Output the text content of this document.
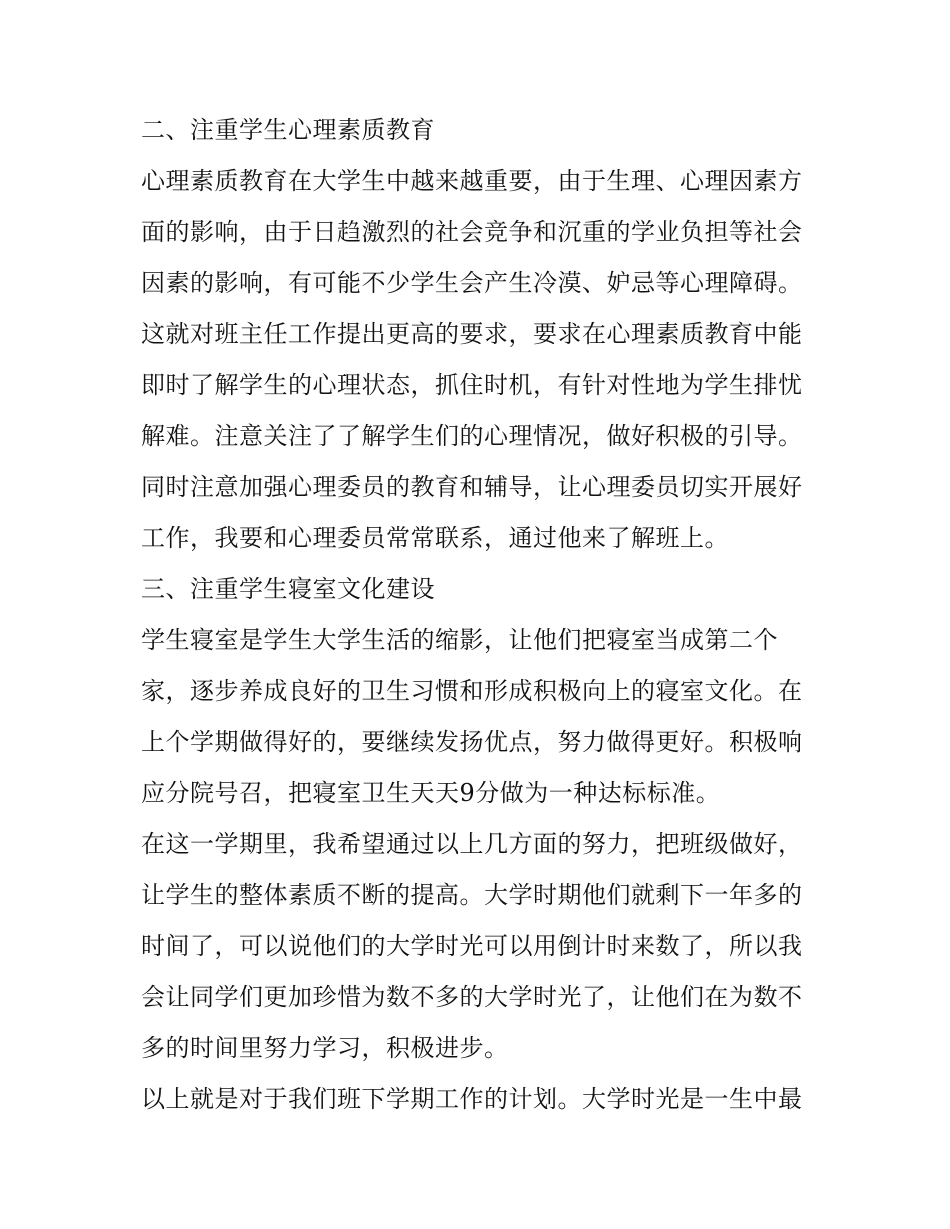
二、注重学生心理素质教育
心理素质教育在大学生中越来越重要，由于生理、心理因素方
面的影响，由于日趋激烈的社会竞争和沉重的学业负担等社会
因素的影响，有可能不少学生会产生冷漠、妒忌等心理障碍。
这就对班主任工作提出更高的要求，要求在心理素质教育中能
即时了解学生的心理状态，抓住时机，有针对性地为学生排忧
解难。注意关注了了解学生们的心理情况，做好积极的引导。
同时注意加强心理委员的教育和辅导，让心理委员切实开展好
工作，我要和心理委员常常联系，通过他来了解班上。
三、注重学生寝室文化建设
学生寝室是学生大学生活的缩影，让他们把寝室当成第二个
家，逐步养成良好的卫生习惯和形成积极向上的寝室文化。在
上个学期做得好的，要继续发扬优点，努力做得更好。积极响
应分院号召，把寝室卫生天天9分做为一种达标标准。
在这一学期里，我希望通过以上几方面的努力，把班级做好，
让学生的整体素质不断的提高。大学时期他们就剩下一年多的
时间了，可以说他们的大学时光可以用倒计时来数了，所以我
会让同学们更加珍惜为数不多的大学时光了，让他们在为数不
多的时间里努力学习，积极进步。
以上就是对于我们班下学期工作的计划。大学时光是一生中最
